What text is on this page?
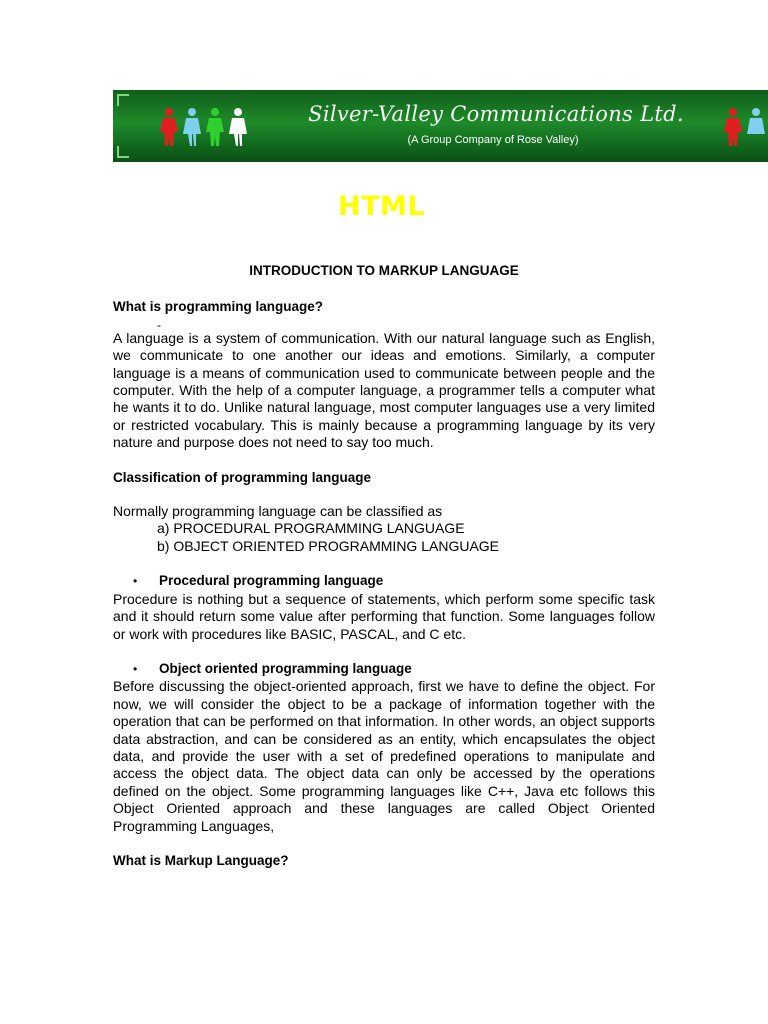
Silver-Valley Communications Ltd.
(A Group Company of Rose Valley)
HTML

INTRODUCTION TO MARKUP LANGUAGE

What is programming language?

-

A language is a system of communication. With our natural language such as English, we communicate to one another our ideas and emotions. Similarly, a computer language is a means of communication used to communicate between people and the computer. With the help of a computer language, a programmer tells a computer what he wants it to do. Unlike natural language, most computer languages use a very limited or restricted vocabulary. This is mainly because a programming language by its very nature and purpose does not need to say too much.

Classification of programming language

Normally programming language can be classified as

a) PROCEDURAL PROGRAMMING LANGUAGE

b) OBJECT ORIENTED PROGRAMMING LANGUAGE

•	Procedural programming language

Procedure is nothing but a sequence of statements, which perform some specific task and it should return some value after performing that function. Some languages follow or work with procedures like BASIC, PASCAL, and C etc.

•	Object oriented programming language

Before discussing the object-oriented approach, first we have to define the object. For now, we will consider the object to be a package of information together with the operation that can be performed on that information. In other words, an object supports data abstraction, and can be considered as an entity, which encapsulates the object data, and provide the user with a set of predefined operations to manipulate and access the object data. The object data can only be accessed by the operations defined on the object. Some programming languages like C++, Java etc follows this Object Oriented approach and these languages are called Object Oriented Programming Languages,

What is Markup Language?
